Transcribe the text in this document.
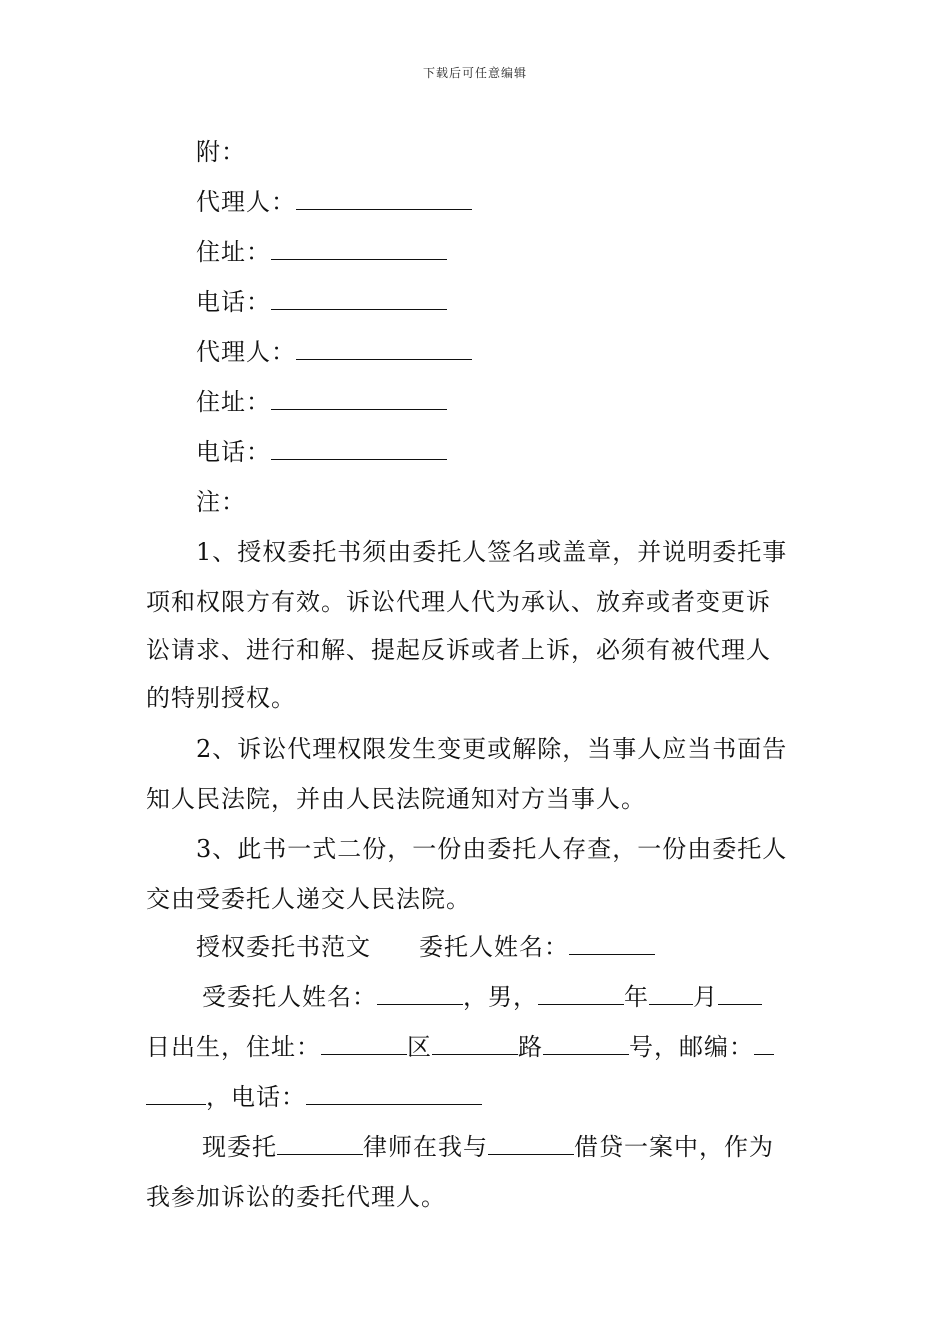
下载后可任意编辑
附：
代理人：
住址：
电话：
代理人：
住址：
电话：
注：
1、授权委托书须由委托人签名或盖章，并说明委托事
项和权限方有效。诉讼代理人代为承认、放弃或者变更诉
讼请求、进行和解、提起反诉或者上诉，必须有被代理人
的特别授权。
2、诉讼代理权限发生变更或解除，当事人应当书面告
知人民法院，并由人民法院通知对方当事人。
3、此书一式二份，一份由委托人存查，一份由委托人
交由受委托人递交人民法院。
授权委托书范文 委托人姓名：
受委托人姓名：	，男，	年 月
日出生，住址：	区	路	号，邮编：
，电话：
现委托	律师在我与	借贷一案中，作为
我参加诉讼的委托代理人。
